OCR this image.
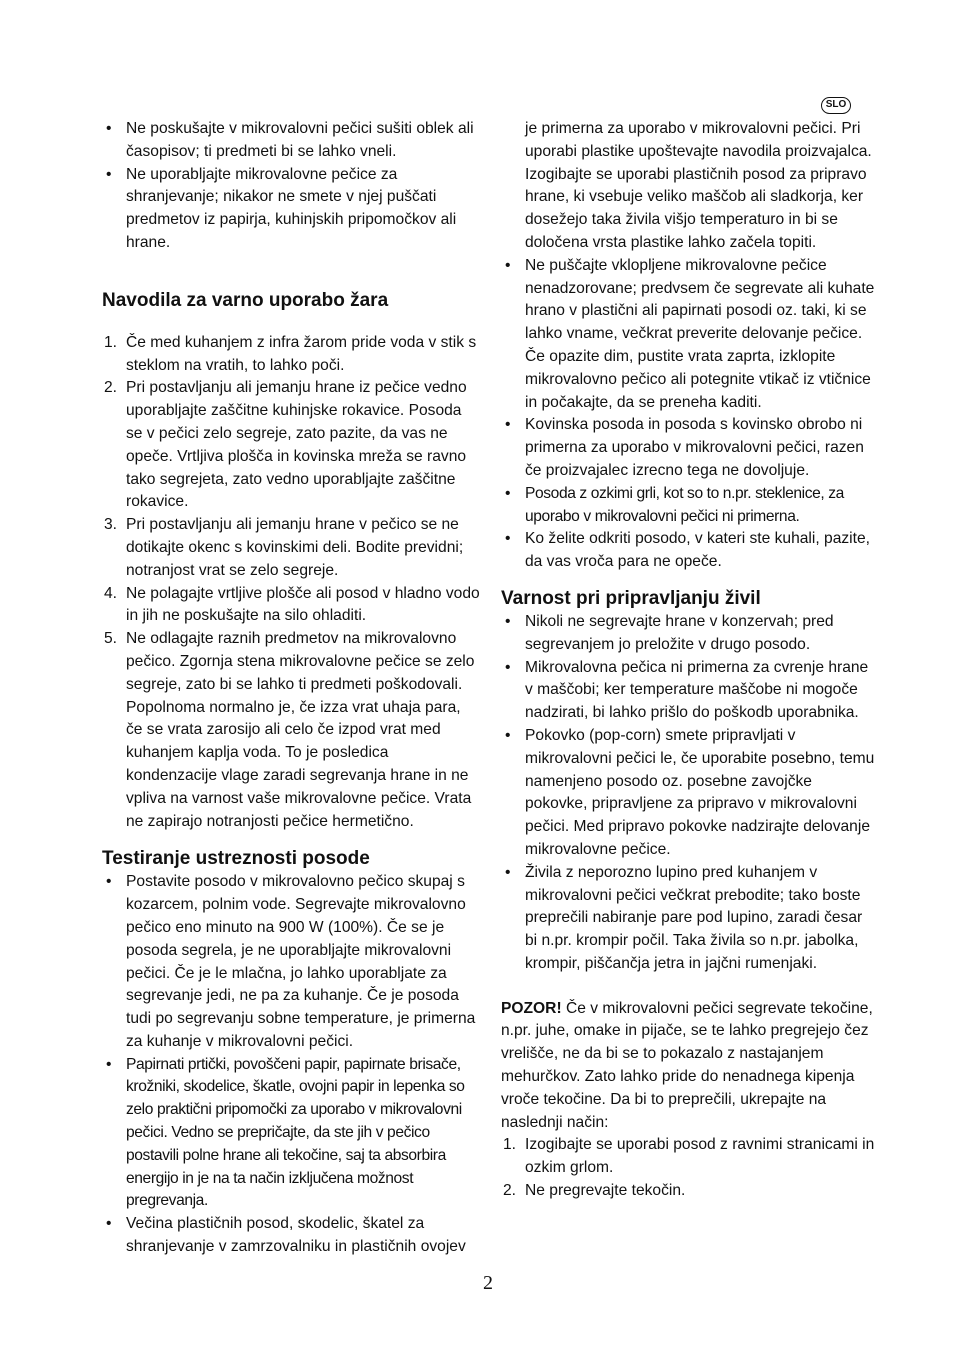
SLO
• Ne poskušajte v mikrovalovni pečici sušiti oblek ali časopisov; ti predmeti bi se lahko vneli.
• Ne uporabljajte mikrovalovne pečice za shranjevanje; nikakor ne smete v njej puščati predmetov iz papirja, kuhinjskih pripomočkov ali hrane.
Navodila za varno uporabo žara
1. Če med kuhanjem z infra žarom pride voda v stik s steklom na vratih, to lahko poči.
2. Pri postavljanju ali jemanju hrane iz pečice vedno uporabljajte zaščitne kuhinjske rokavice. Posoda se v pečici zelo segreje, zato pazite, da vas ne opeče. Vrtljiva plošča in kovinska mreža se ravno tako segrejeta, zato vedno uporabljajte zaščitne rokavice.
3. Pri postavljanju ali jemanju hrane v pečico se ne dotikajte okenc s kovinskimi deli. Bodite previdni; notranjost vrat se zelo segreje.
4. Ne polagajte vrtljive plošče ali posod v hladno vodo in jih ne poskušajte na silo ohladiti.
5. Ne odlagajte raznih predmetov na mikrovalovno pečico. Zgornja stena mikrovalovne pečice se zelo segreje, zato bi se lahko ti predmeti poškodovali. Popolnoma normalno je, če izza vrat uhaja para, če se vrata zarosijo ali celo če izpod vrat med kuhanjem kaplja voda. To je posledica kondenzacije vlage zaradi segrevanja hrane in ne vpliva na varnost vaše mikrovalovne pečice. Vrata ne zapirajo notranjosti pečice hermetično.
Testiranje ustreznosti posode
• Postavite posodo v mikrovalovno pečico skupaj s kozarcem, polnim vode. Segrevajte mikrovalovno pečico eno minuto na 900 W (100%). Če se je posoda segrela, je ne uporabljajte mikrovalovni pečici. Če je le mlačna, jo lahko uporabljate za segrevanje jedi, ne pa za kuhanje. Če je posoda tudi po segrevanju sobne temperature, je primerna za kuhanje v mikrovalovni pečici.
• Papirnati prtički, povoščeni papir, papirnate brisače, krožniki, skodelice, škatle, ovojni papir in lepenka so zelo praktični pripomočki za uporabo v mikrovalovni pečici. Vedno se prepričajte, da ste jih v pečico postavili polne hrane ali tekočine, saj ta absorbira energijo in je na ta način izključena možnost pregrevanja.
• Večina plastičnih posod, skodelic, škatel za shranjevanje v zamrzovalniku in plastičnih ovojev
je primerna za uporabo v mikrovalovni pečici. Pri uporabi plastike upoštevajte navodila proizvajalca. Izogibajte se uporabi plastičnih posod za pripravo hrane, ki vsebuje veliko maščob ali sladkorja, ker dosežejo taka živila višjo temperaturo in bi se določena vrsta plastike lahko začela topiti.
• Ne puščajte vklopljene mikrovalovne pečice nenadzorovane; predvsem če segrevate ali kuhate hrano v plastični ali papirnati posodi oz. taki, ki se lahko vname, večkrat preverite delovanje pečice. Če opazite dim, pustite vrata zaprta, izklopite mikrovalovno pečico ali potegnite vtikač iz vtičnice in počakajte, da se preneha kaditi.
• Kovinska posoda in posoda s kovinsko obrobo ni primerna za uporabo v mikrovalovni pečici, razen če proizvajalec izrecno tega ne dovoljuje.
• Posoda z ozkimi grli, kot so to n.pr. steklenice, za uporabo v mikrovalovni pečici ni primerna.
• Ko želite odkriti posodo, v kateri ste kuhali, pazite, da vas vroča para ne opeče.
Varnost pri pripravljanju živil
• Nikoli ne segrevajte hrane v konzervah; pred segrevanjem jo preložite v drugo posodo.
• Mikrovalovna pečica ni primerna za cvrenje hrane v maščobi; ker temperature maščobe ni mogoče nadzirati, bi lahko prišlo do poškodb uporabnika.
• Pokovko (pop-corn) smete pripravljati v mikrovalovni pečici le, če uporabite posebno, temu namenjeno posodo oz. posebne zavojčke pokovke, pripravljene za pripravo v mikrovalovni pečici. Med pripravo pokovke nadzirajte delovanje mikrovalovne pečice.
• Živila z neporozno lupino pred kuhanjem v mikrovalovni pečici večkrat prebodite; tako boste preprečili nabiranje pare pod lupino, zaradi česar bi n.pr. krompir počil. Taka živila so n.pr. jabolka, krompir, piščančja jetra in jajčni rumenjaki.

POZOR! Če v mikrovalovni pečici segrevate tekočine, n.pr. juhe, omake in pijače, se te lahko pregrejejo čez vrelišče, ne da bi se to pokazalo z nastajanjem mehurčkov. Zato lahko pride do nenadnega kipenja vroče tekočine. Da bi to preprečili, ukrepajte na naslednji način:

1. Izogibajte se uporabi posod z ravnimi stranicami in ozkim grlom.
2. Ne pregrevajte tekočin.
2
